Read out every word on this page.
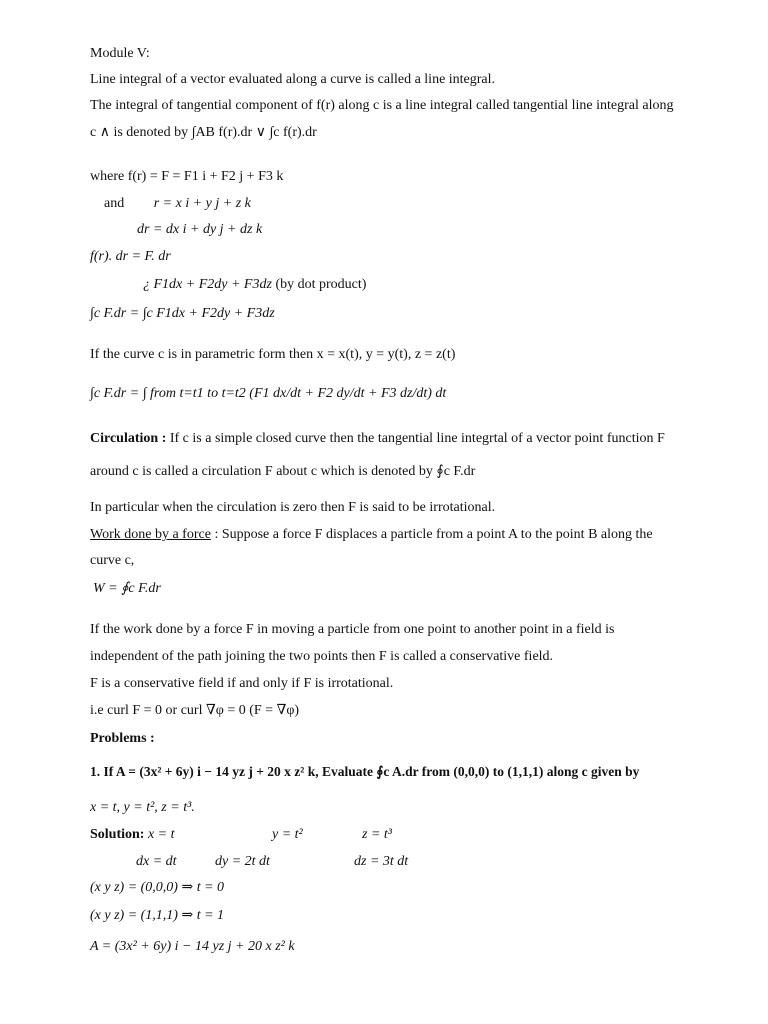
Module V:
Line integral of a vector evaluated along a curve is called a line integral.
The integral of tangential component of f(r) along c is a line integral called tangential line integral along
c ∧ is denoted by ∫AB f(r).dr ∨ ∫c f(r).dr
where f(r) = F = F1 i + F2 j + F3 k
and r = x i + y j + z k
dr = dx i + dy j + dz k
f(r). dr = F. dr
¿ F1dx + F2dy + F3dz (by dot product)
∫c F.dr = ∫c F1dx + F2dy + F3dz
If the curve c is in parametric form then x = x(t), y = y(t), z = z(t)
∫c F.dr = ∫ from t=t1 to t=t2 (F1 dx/dt + F2 dy/dt + F3 dz/dt) dt
Circulation : If c is a simple closed curve then the tangential line integrtal of a vector point function F
around c is called a circulation F about c which is denoted by ∮c F.dr
In particular when the circulation is zero then F is said to be irrotational.
Work done by a force : Suppose a force F displaces a particle from a point A to the point B along the
curve c,
W = ∮c F.dr
If the work done by a force F in moving a particle from one point to another point in a field is
independent of the path joining the two points then F is called a conservative field.
F is a conservative field if and only if F is irrotational.
i.e curl F = 0 or curl ∇φ = 0 (F = ∇φ)
Problems :
1. If A = (3x² + 6y) i − 14 yz j + 20 x z² k, Evaluate ∮c A.dr from (0,0,0) to (1,1,1) along c given by
x = t, y = t², z = t³.
Solution: x = t	y = t²	z = t³
dx = dt	dy = 2t dt	dz = 3t dt
(x y z) = (0,0,0) ⇒ t = 0
(x y z) = (1,1,1) ⇒ t = 1
A = (3x² + 6y) i − 14 yz j + 20 x z² k
